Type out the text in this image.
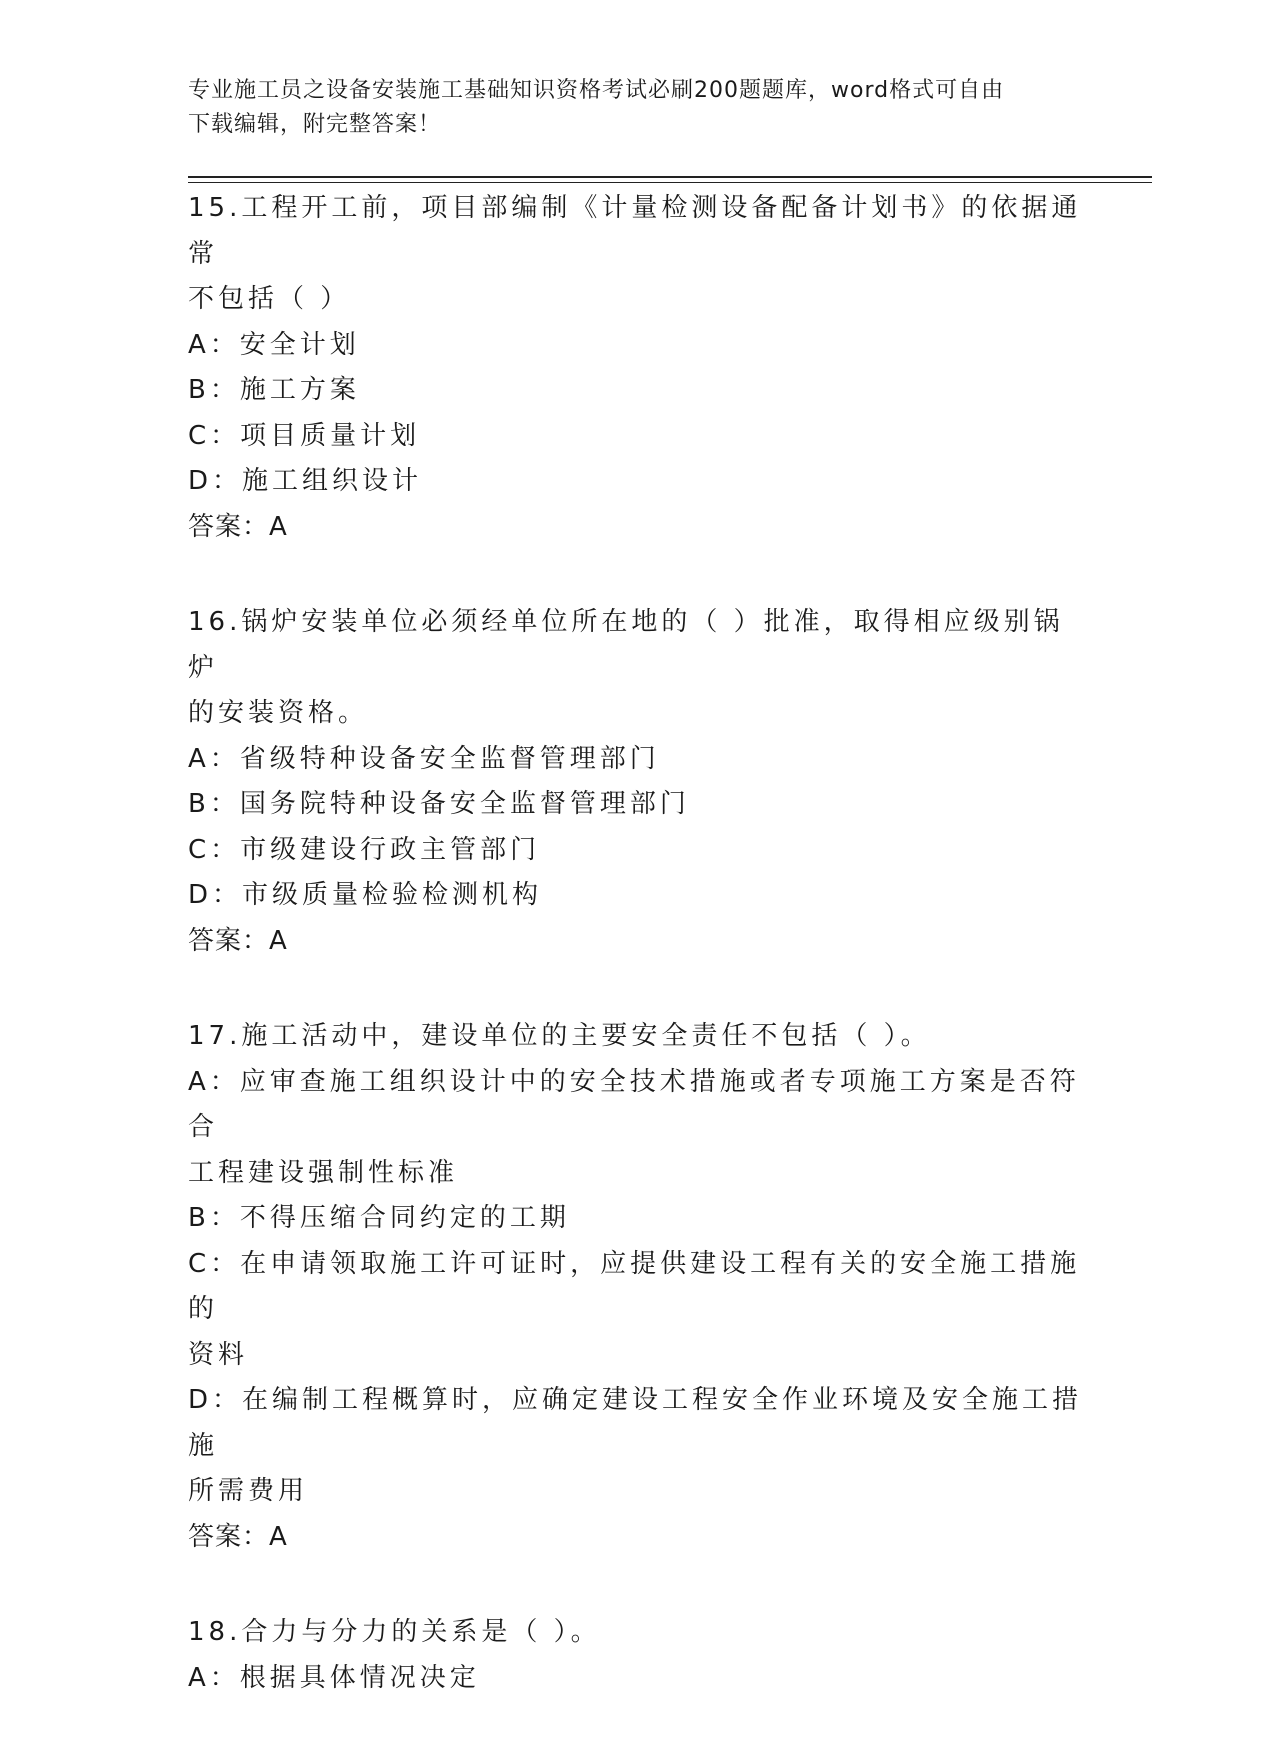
专业施工员之设备安装施工基础知识资格考试必刷200题题库，word格式可自由
下载编辑，附完整答案！
15.工程开工前，项目部编制《计量检测设备配备计划书》的依据通常
不包括（ ）
A：安全计划
B：施工方案
C：项目质量计划
D：施工组织设计
答案：A
16.锅炉安装单位必须经单位所在地的（ ）批准，取得相应级别锅炉
的安装资格。
A：省级特种设备安全监督管理部门
B：国务院特种设备安全监督管理部门
C：市级建设行政主管部门
D：市级质量检验检测机构
答案：A
17.施工活动中，建设单位的主要安全责任不包括（ ）。
A：应审查施工组织设计中的安全技术措施或者专项施工方案是否符合
工程建设强制性标准
B：不得压缩合同约定的工期
C：在申请领取施工许可证时，应提供建设工程有关的安全施工措施的
资料
D：在编制工程概算时，应确定建设工程安全作业环境及安全施工措施
所需费用
答案：A
18.合力与分力的关系是（ ）。
A：根据具体情况决定
